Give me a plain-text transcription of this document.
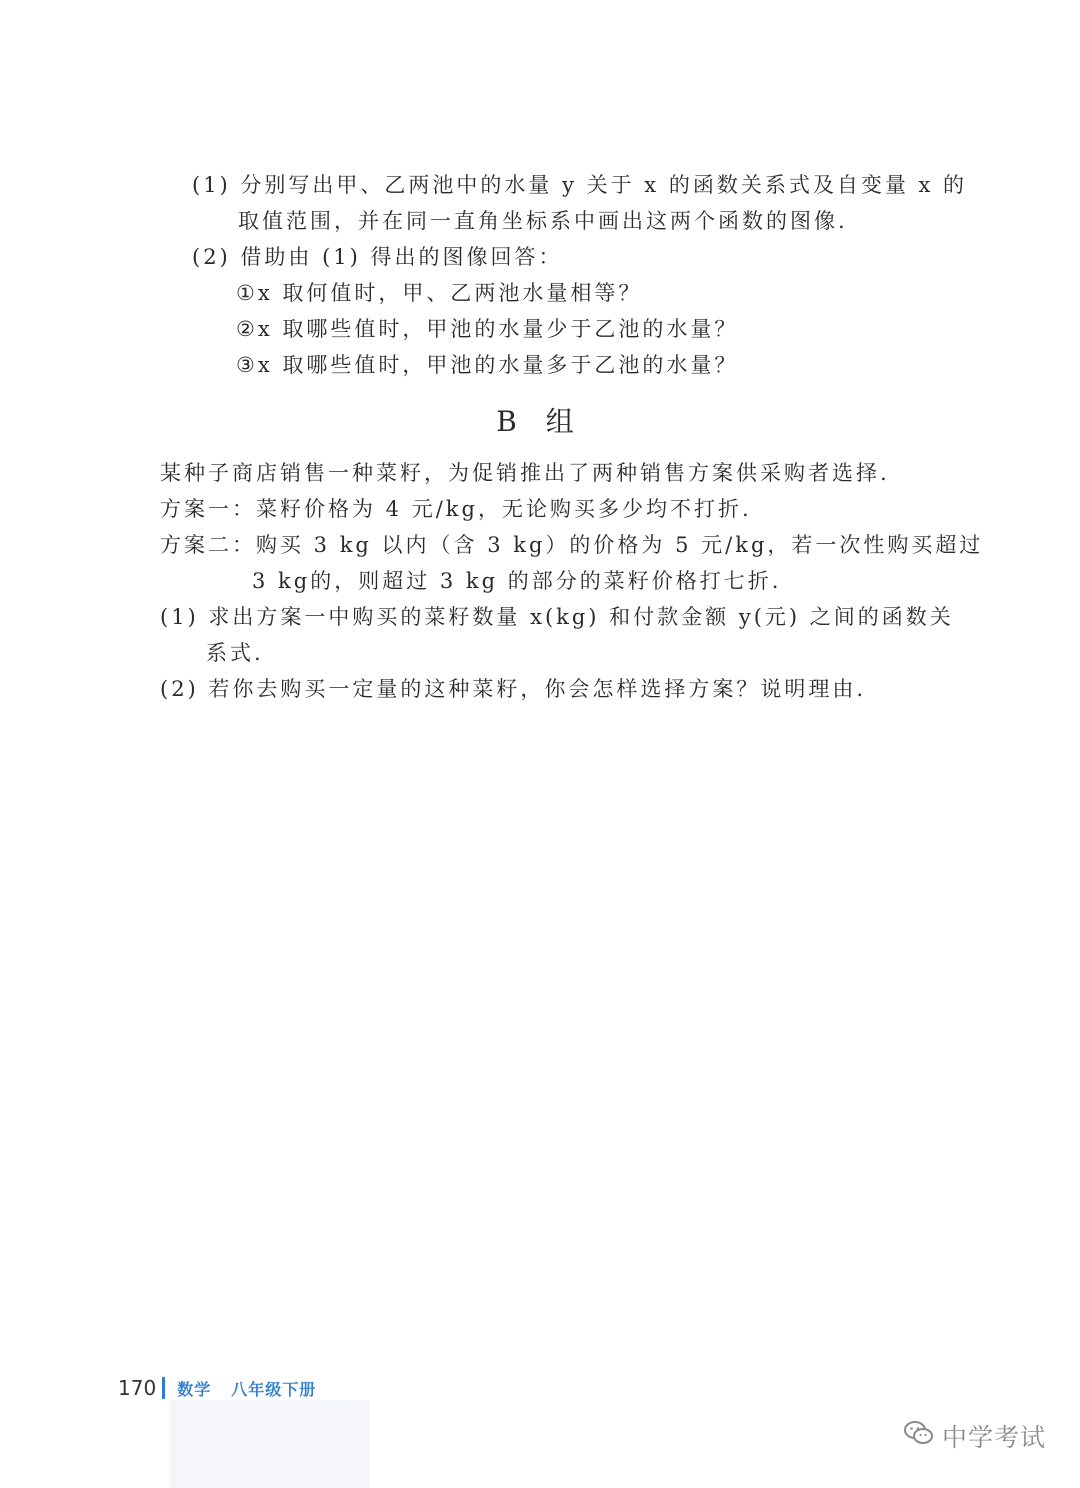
(1) 分别写出甲、乙两池中的水量 y 关于 x 的函数关系式及自变量 x 的
取值范围，并在同一直角坐标系中画出这两个函数的图像.
(2) 借助由 (1) 得出的图像回答：
①x 取何值时，甲、乙两池水量相等？
②x 取哪些值时，甲池的水量少于乙池的水量？
③x 取哪些值时，甲池的水量多于乙池的水量？
B 组
某种子商店销售一种菜籽，为促销推出了两种销售方案供采购者选择.
方案一：菜籽价格为 4 元/kg，无论购买多少均不打折.
方案二：购买 3 kg 以内（含 3 kg）的价格为 5 元/kg，若一次性购买超过
3 kg的，则超过 3 kg 的部分的菜籽价格打七折.
(1) 求出方案一中购买的菜籽数量 x(kg) 和付款金额 y(元) 之间的函数关
系式.
(2) 若你去购买一定量的这种菜籽，你会怎样选择方案？说明理由.
170 数学 八年级下册
中学考试
